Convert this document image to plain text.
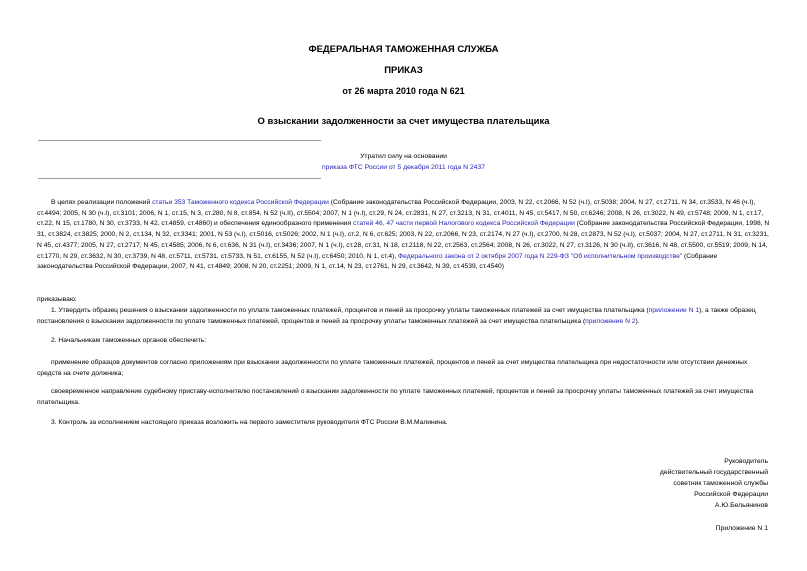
ФЕДЕРАЛЬНАЯ ТАМОЖЕННАЯ СЛУЖБА
ПРИКАЗ
от 26 марта 2010 года N 621
О взыскании задолженности за счет имущества плательщика
Утратил силу на основании
приказа ФТС России от 5 декабря 2011 года N 2437
В целях реализации положений статьи 353 Таможенного кодекса Российской Федерации (Собрание законодательства Российской Федерации, 2003, N 22, ст.2066, N 52 (ч.I), ст.5038; 2004, N 27, ст.2711, N 34, ст.3533, N 46 (ч.I), ст.4494; 2005, N 30 (ч.I), ст.3101; 2006, N 1, ст.15, N 3, ст.280, N 8, ст.854, N 52 (ч.II), ст.5504; 2007, N 1 (ч.I), ст.29, N 24, ст.2831, N 27, ст.3213, N 31, ст.4011, N 45, ст.5417, N 50, ст.6246; 2008, N 26, ст.3022, N 49, ст.5748; 2009, N 1, ст.17, ст.22, N 15, ст.1780, N 30, ст.3733, N 42, ст.4859, ст.4860) и обеспечения единообразного применения статей 46, 47 части первой Налогового кодекса Российской Федерации (Собрание законодательства Российской Федерации, 1998, N 31, ст.3824, ст.3825; 2000, N 2, ст.134, N 32, ст.3341; 2001, N 53 (ч.I), ст.5016, ст.5026; 2002, N 1 (ч.I), ст.2, N 6, ст.625; 2003, N 22, ст.2066, N 23, ст.2174, N 27 (ч.I), ст.2700, N 28, ст.2873, N 52 (ч.I), ст.5037; 2004, N 27, ст.2711, N 31, ст.3231, N 45, ст.4377; 2005, N 27, ст.2717, N 45, ст.4585; 2006, N 6, ст.636, N 31 (ч.I), ст.3436; 2007, N 1 (ч.I), ст.28, ст.31, N 18, ст.2118, N 22, ст.2563, ст.2564; 2008, N 26, ст.3022, N 27, ст.3126, N 30 (ч.II), ст.3616, N 48, ст.5500, ст.5519; 2009, N 14, ст.1770, N 29, ст.3632, N 30, ст.3739, N 48, ст.5711, ст.5731, ст.5733, N 51, ст.6155, N 52 (ч.I), ст.6450; 2010, N 1, ст.4), Федерального закона от 2 октября 2007 года N 229-ФЗ "Об исполнительном производстве" (Собрание законодательства Российской Федерации, 2007, N 41, ст.4849; 2008, N 20, ст.2251; 2009, N 1, ст.14, N 23, ст.2761, N 29, ст.3642, N 39, ст.4539, ст.4540)
приказываю:
1. Утвердить образец решения о взыскании задолженности по уплате таможенных платежей, процентов и пеней за просрочку уплаты таможенных платежей за счет имущества плательщика (приложение N 1), а также образец постановления о взыскании задолженности по уплате таможенных платежей, процентов и пеней за просрочку уплаты таможенных платежей за счет имущества плательщика (приложение N 2).
2. Начальникам таможенных органов обеспечить:
применение образцов документов согласно приложениям при взыскании задолженности по уплате таможенных платежей, процентов и пеней за счет имущества плательщика при недостаточности или отсутствии денежных средств на счете должника;
своевременное направление судебному приставу-исполнителю постановлений о взыскании задолженности по уплате таможенных платежей, процентов и пеней за просрочку уплаты таможенных платежей за счет имущества плательщика.
3. Контроль за исполнением настоящего приказа возложить на первого заместителя руководителя ФТС России В.М.Малинина.
Руководитель
действительный государственный
советник таможенной службы
Российской Федерации
А.Ю.Бельянинов
Приложение N 1
